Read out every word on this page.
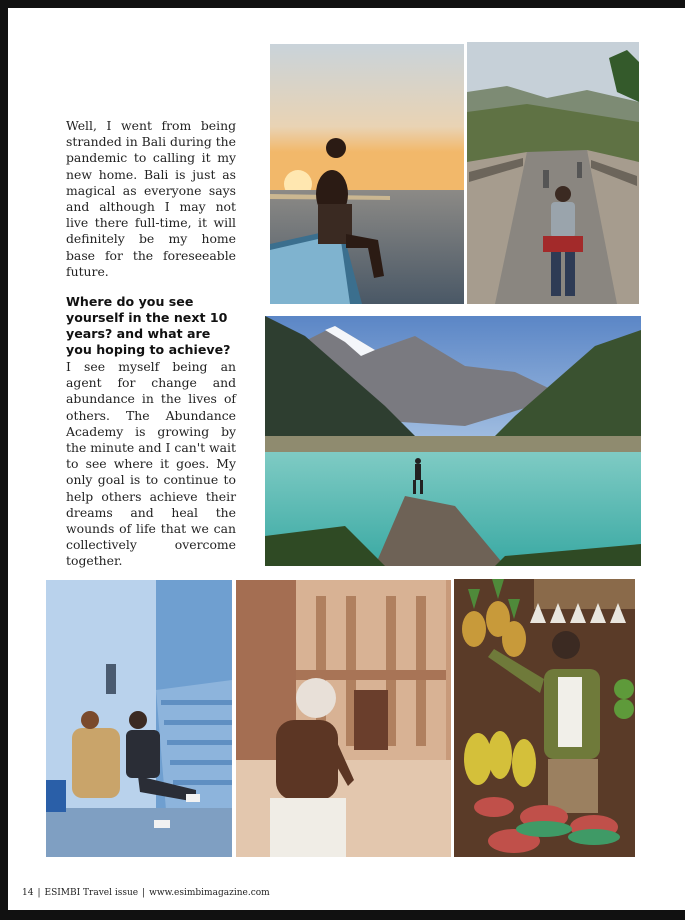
Well, I went from being stranded in Bali during the pandemic to calling it my new home. Bali is just as magical as everyone says and although I may not live there full-time, it will definitely be my home base for the foreseeable future.

Where do you see yourself in the next 10 years? and what are you hoping to achieve?

I see myself being an agent for change and abundance in the lives of others. The Abundance Academy is growing by the minute and I can't wait to see where it goes. My only goal is to continue to help others achieve their dreams and heal the wounds of life that we can collectively overcome together.

14 | ESIMBI Travel issue | www.esimbimagazine.com
